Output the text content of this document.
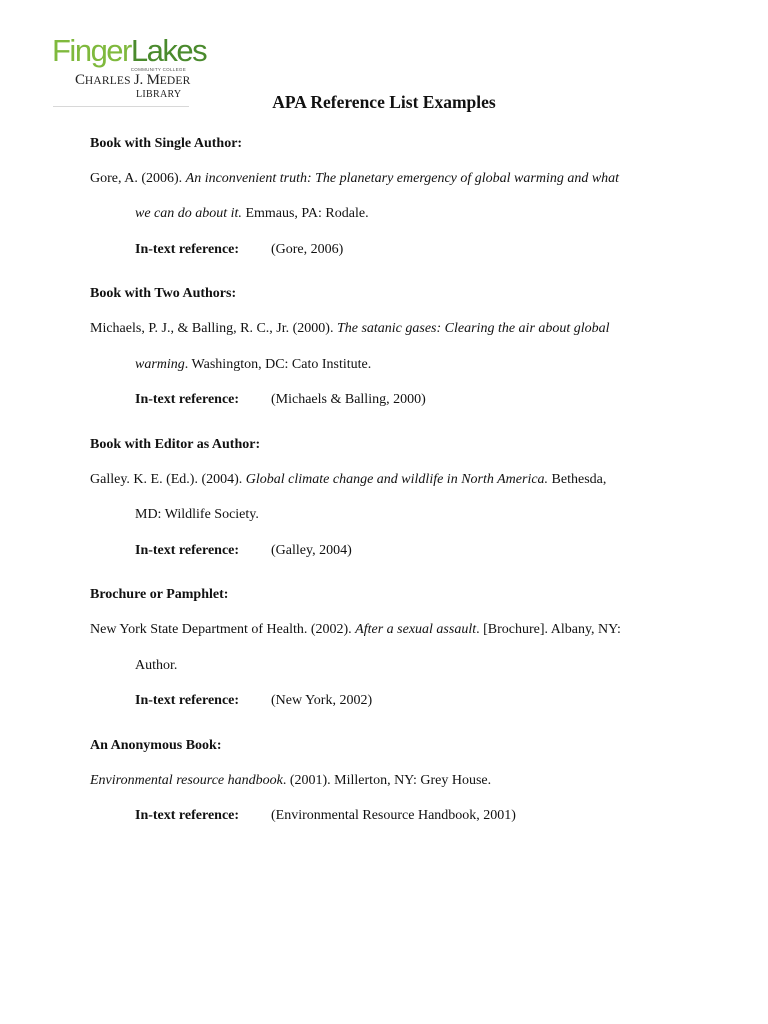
FingerLakes
COMMUNITY COLLEGE
CHARLES J. MEDER
LIBRARY	APA Reference List Examples
Book with Single Author:
Gore, A. (2006). An inconvenient truth: The planetary emergency of global warming and what
we can do about it. Emmaus, PA: Rodale.
In-text reference: (Gore, 2006)
Book with Two Authors:
Michaels, P. J., & Balling, R. C., Jr. (2000). The satanic gases: Clearing the air about global
warming. Washington, DC: Cato Institute.
In-text reference: (Michaels & Balling, 2000)
Book with Editor as Author:
Galley. K. E. (Ed.). (2004). Global climate change and wildlife in North America. Bethesda,
MD: Wildlife Society.
In-text reference: (Galley, 2004)
Brochure or Pamphlet:
New York State Department of Health. (2002). After a sexual assault. [Brochure]. Albany, NY:
Author.
In-text reference: (New York, 2002)
An Anonymous Book:
Environmental resource handbook. (2001). Millerton, NY: Grey House.
In-text reference: (Environmental Resource Handbook, 2001)
